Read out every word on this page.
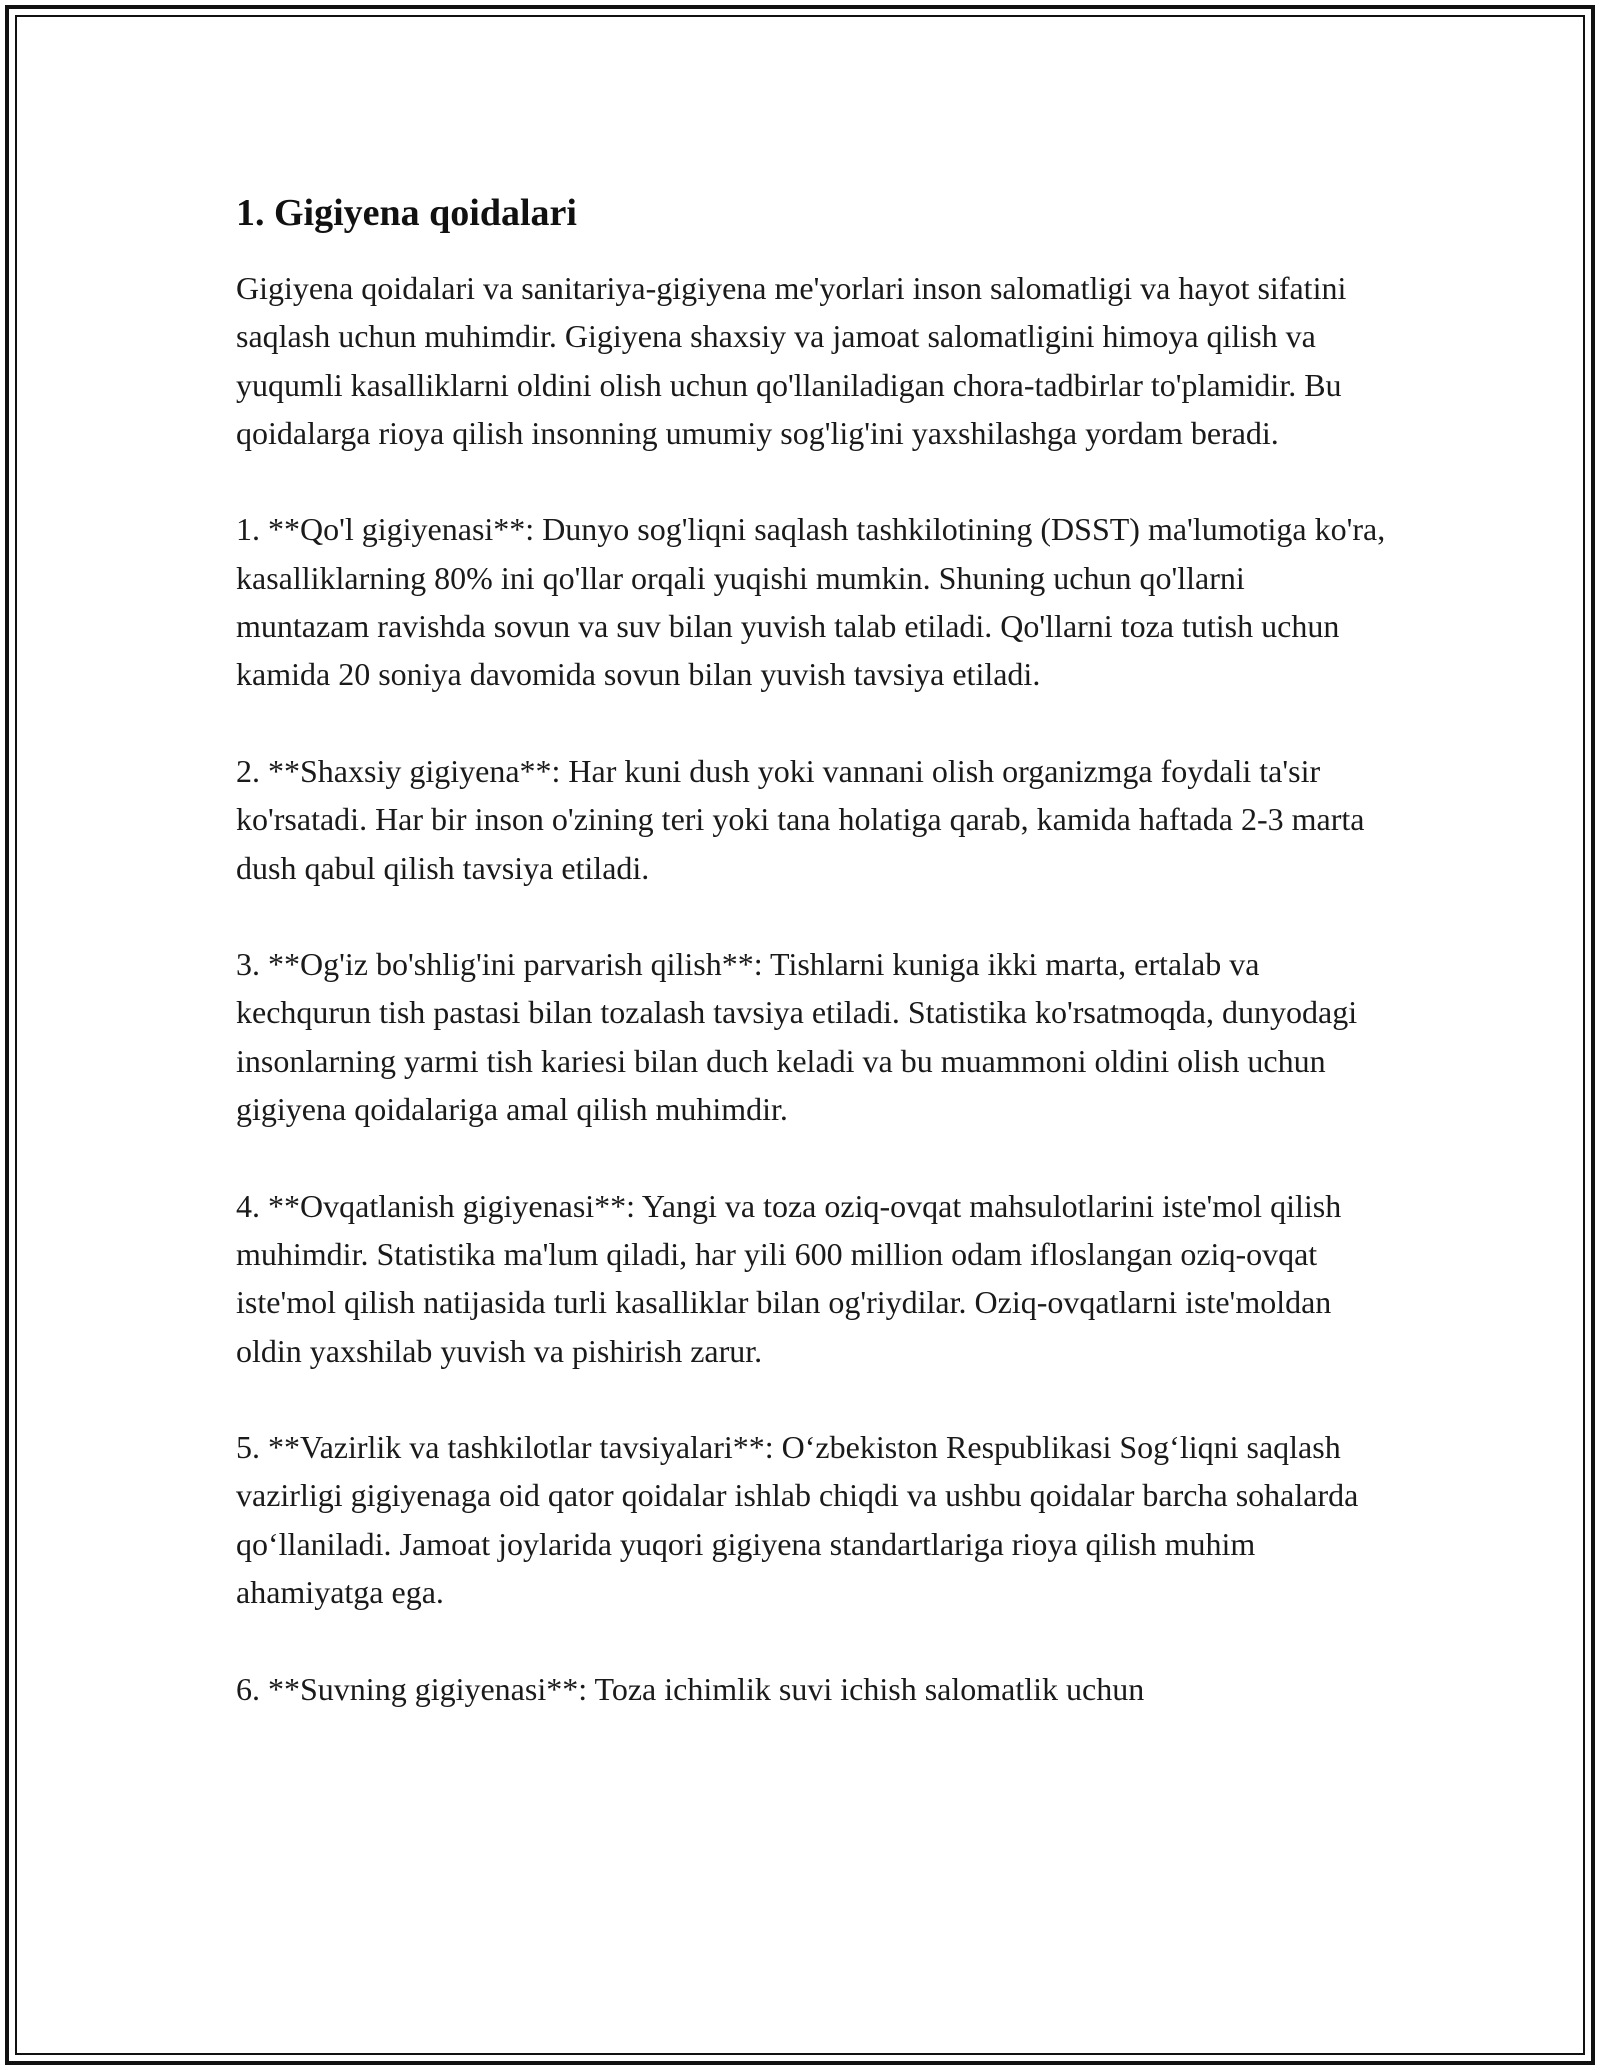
1. Gigiyena qoidalari

Gigiyena qoidalari va sanitariya-gigiyena me'yorlari inson salomatligi va hayot sifatini saqlash uchun muhimdir. Gigiyena shaxsiy va jamoat salomatligini himoya qilish va yuqumli kasalliklarni oldini olish uchun qo'llaniladigan chora-tadbirlar to'plamidir. Bu qoidalarga rioya qilish insonning umumiy sog'lig'ini yaxshilashga yordam beradi.

1. **Qo'l gigiyenasi**: Dunyo sog'liqni saqlash tashkilotining (DSST) ma'lumotiga ko'ra, kasalliklarning 80% ini qo'llar orqali yuqishi mumkin. Shuning uchun qo'llarni muntazam ravishda sovun va suv bilan yuvish talab etiladi. Qo'llarni toza tutish uchun kamida 20 soniya davomida sovun bilan yuvish tavsiya etiladi.

2. **Shaxsiy gigiyena**: Har kuni dush yoki vannani olish organizmga foydali ta'sir ko'rsatadi. Har bir inson o'zining teri yoki tana holatiga qarab, kamida haftada 2-3 marta dush qabul qilish tavsiya etiladi.

3. **Og'iz bo'shlig'ini parvarish qilish**: Tishlarni kuniga ikki marta, ertalab va kechqurun tish pastasi bilan tozalash tavsiya etiladi. Statistika ko'rsatmoqda, dunyodagi insonlarning yarmi tish kariesi bilan duch keladi va bu muammoni oldini olish uchun gigiyena qoidalariga amal qilish muhimdir.

4. **Ovqatlanish gigiyenasi**: Yangi va toza oziq-ovqat mahsulotlarini iste'mol qilish muhimdir. Statistika ma'lum qiladi, har yili 600 million odam ifloslangan oziq-ovqat iste'mol qilish natijasida turli kasalliklar bilan og'riydilar. Oziq-ovqatlarni iste'moldan oldin yaxshilab yuvish va pishirish zarur.

5. **Vazirlik va tashkilotlar tavsiyalari**: O‘zbekiston Respublikasi Sog‘liqni saqlash vazirligi gigiyenaga oid qator qoidalar ishlab chiqdi va ushbu qoidalar barcha sohalarda qo‘llaniladi. Jamoat joylarida yuqori gigiyena standartlariga rioya qilish muhim ahamiyatga ega.

6. **Suvning gigiyenasi**: Toza ichimlik suvi ichish salomatlik uchun
